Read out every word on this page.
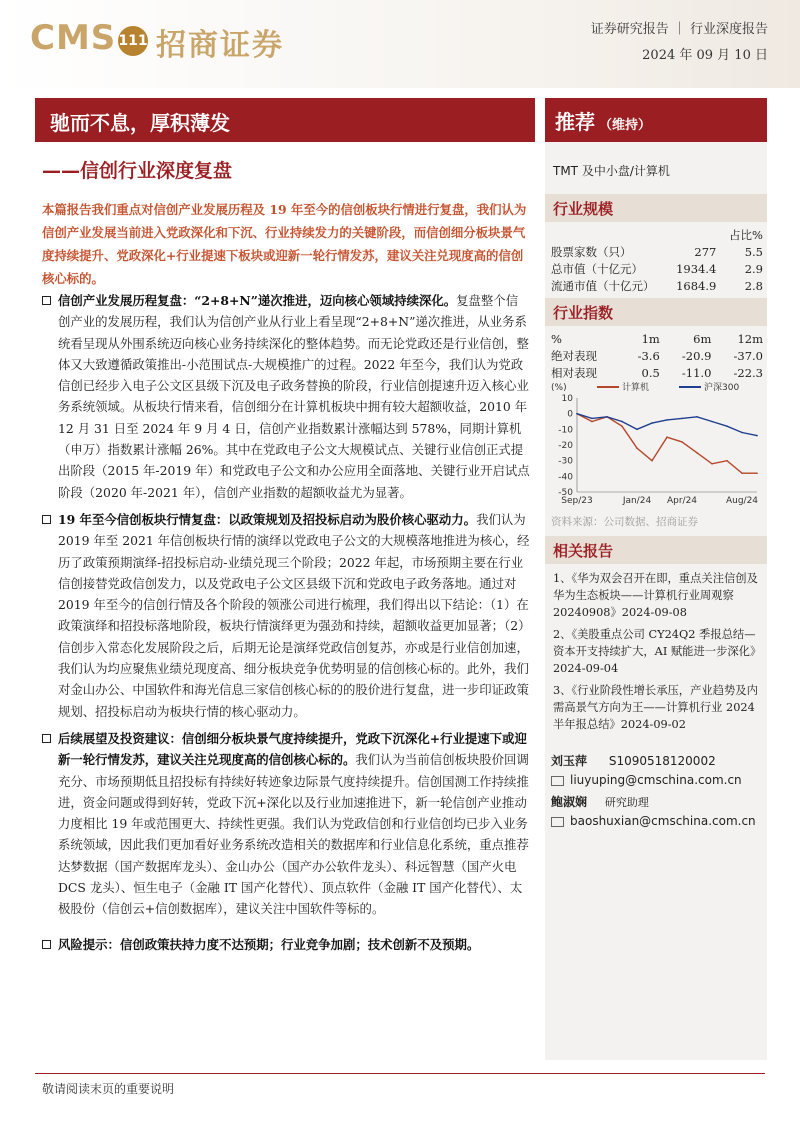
CMS 111 招商证券	证券研究报告 ｜ 行业深度报告
2024 年 09 月 10 日
驰而不息，厚积薄发	推荐 （维持）
——信创行业深度复盘
本篇报告我们重点对信创产业发展历程及 19 年至今的信创板块行情进行复盘，我们认为信创产业发展当前进入党政深化和下沉、行业持续发力的关键阶段，而信创细分板块景气度持续提升、党政深化+行业提速下板块或迎新一轮行情发苏，建议关注兑现度高的信创核心标的。
信创产业发展历程复盘：“2+8+N”递次推进，迈向核心领域持续深化。复盘整个信创产业的发展历程，我们认为信创产业从行业上看呈现“2+8+N”递次推进，从业务系统看呈现从外围系统迈向核心业务持续深化的整体趋势。而无论党政还是行业信创，整体又大致遵循政策推出-小范围试点-大规模推广的过程。2022 年至今，我们认为党政信创已经步入电子公文区县级下沉及电子政务替换的阶段，行业信创提速升迈入核心业务系统领域。从板块行情来看，信创细分在计算机板块中拥有较大超额收益，2010 年 12 月 31 日至 2024 年 9 月 4 日，信创产业指数累计涨幅达到 578%，同期计算机（申万）指数累计涨幅 26%。其中在党政电子公文大规模试点、关键行业信创正式提出阶段（2015 年-2019 年）和党政电子公文和办公应用全面落地、关键行业开启试点阶段（2020 年-2021 年），信创产业指数的超额收益尤为显著。
19 年至今信创板块行情复盘：以政策规划及招投标启动为股价核心驱动力。我们认为 2019 年至 2021 年信创板块行情的演绎以党政电子公文的大规模落地推进为核心，经历了政策预期演绎-招投标启动-业绩兑现三个阶段；2022 年起，市场预期主要在行业信创接替党政信创发力，以及党政电子公文区县级下沉和党政电子政务落地。通过对 2019 年至今的信创行情及各个阶段的领涨公司进行梳理，我们得出以下结论：（1）在政策演绎和招投标落地阶段，板块行情演绎更为强劲和持续，超额收益更加显著；（2）信创步入常态化发展阶段之后，后期无论是演绎党政信创复苏，亦或是行业信创加速，我们认为均应聚焦业绩兑现度高、细分板块竞争优势明显的信创核心标的。此外，我们对金山办公、中国软件和海光信息三家信创核心标的的股价进行复盘，进一步印证政策规划、招投标启动为板块行情的核心驱动力。
后续展望及投资建议：信创细分板块景气度持续提升，党政下沉深化+行业提速下或迎新一轮行情发苏，建议关注兑现度高的信创核心标的。我们认为当前信创板块股价回调充分、市场预期低且招投标有持续好转迹象边际景气度持续提升。信创国测工作持续推进，资金问题或得到好转，党政下沉+深化以及行业加速推进下，新一轮信创产业推动力度相比 19 年或范围更大、持续性更强。我们认为党政信创和行业信创均已步入业务系统领域，因此我们更加看好业务系统改造相关的数据库和行业信息化系统，重点推荐达梦数据（国产数据库龙头）、金山办公（国产办公软件龙头）、科远智慧（国产火电 DCS 龙头）、恒生电子（金融 IT 国产化替代）、顶点软件（金融 IT 国产化替代）、太极股份（信创云+信创数据库），建议关注中国软件等标的。
风险提示：信创政策扶持力度不达预期；行业竞争加剧；技术创新不及预期。
TMT 及中小盘/计算机
行业规模
		占比%
股票家数（只）	277	5.5
总市值（十亿元）	1934.4	2.9
流通市值（十亿元）	1684.9	2.8
行业指数
%	1m	6m	12m
绝对表现	-3.6	-20.9	-37.0
相对表现	0.5	-11.0	-22.3
(%)
10
0
-10
-20
-30
-40
-50
Sep/23	Jan/24 Apr/24	Aug/24
计算机	沪深300
资料来源：公司数据、招商证券
相关报告
1、《华为双会召开在即，重点关注信创及华为生态板块——计算机行业周观察 20240908》2024-09-08
2、《美股重点公司 CY24Q2 季报总结—资本开支持续扩大，AI 赋能进一步深化》2024-09-04
3、《行业阶段性增长承压，产业趋势及内需高景气方向为王——计算机行业 2024 半年报总结》2024-09-02
刘玉萍 S1090518120002
liuyuping@cmschina.com.cn
鲍淑娴 研究助理
baoshuxian@cmschina.com.cn
敬请阅读末页的重要说明
